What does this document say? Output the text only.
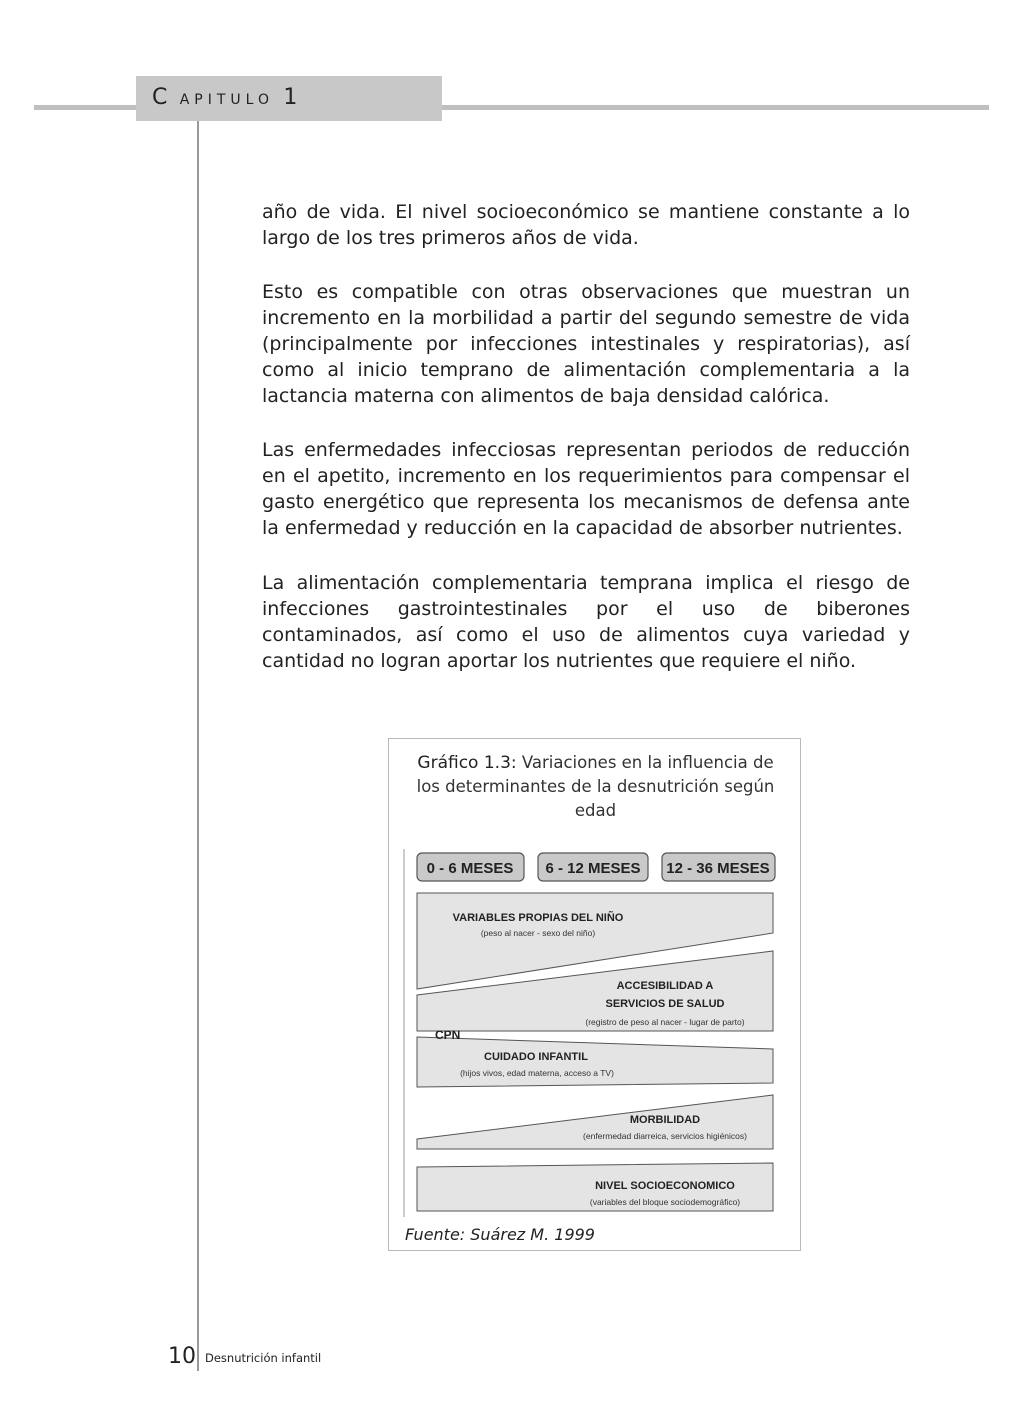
C APITULO 1

año de vida. El nivel socioeconómico se mantiene constante a lo largo de los tres primeros años de vida.

Esto es compatible con otras observaciones que muestran un incremento en la morbilidad a partir del segundo semestre de vida (principalmente por infecciones intestinales y respiratorias), así como al inicio temprano de alimentación complementaria a la lactancia materna con alimentos de baja densidad calórica.

Las enfermedades infecciosas representan periodos de reducción en el apetito, incremento en los requerimientos para compensar el gasto energético que representa los mecanismos de defensa ante la enfermedad y reducción en la capacidad de absorber nutrientes.

La alimentación complementaria temprana implica el riesgo de infecciones gastrointestinales por el uso de biberones contaminados, así como el uso de alimentos cuya variedad y cantidad no logran aportar los nutrientes que requiere el niño.

Gráfico 1.3: Variaciones en la influencia de los determinantes de la desnutrición según edad

0 - 6 MESES 6 - 12 MESES 12 - 36 MESES
VARIABLES PROPIAS DEL NIÑO
(peso al nacer - sexo del niño)
ACCESIBILIDAD A
SERVICIOS DE SALUD
(registro de peso al nacer - lugar de parto)
CPN
CUIDADO INFANTIL
(hijos vivos, edad materna, acceso a TV)
MORBILIDAD
(enfermedad diarreica, servicios higiénicos)
NIVEL SOCIOECONOMICO
(variables del bloque sociodemográfico)
Fuente: Suárez M. 1999
10 Desnutrición infantil
